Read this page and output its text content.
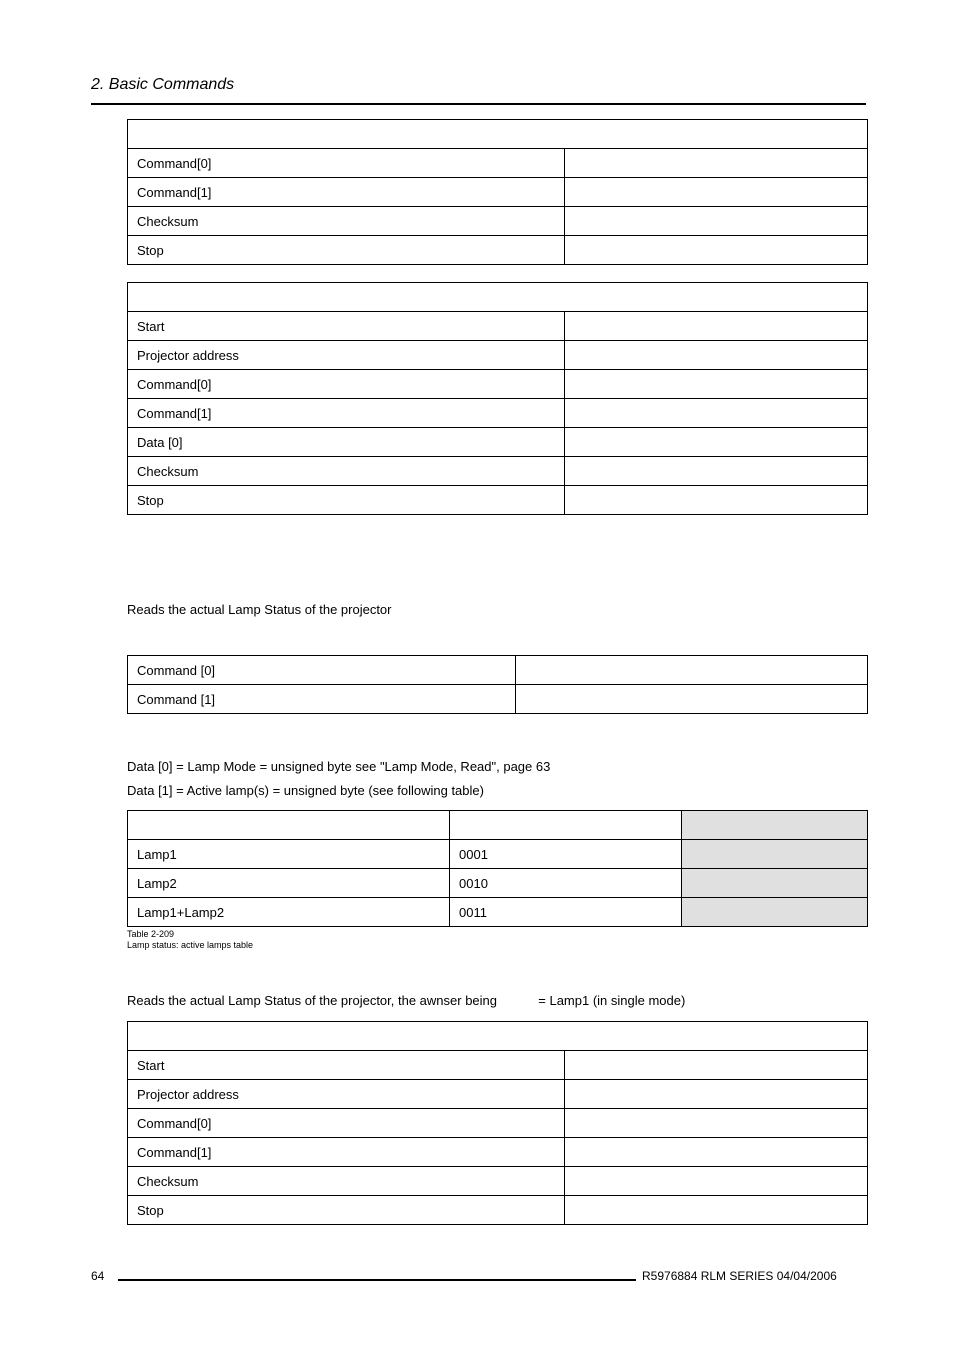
2. Basic Commands

Command[0]	
Command[1]	
Checksum	
Stop	

Start	
Projector address	
Command[0]	
Command[1]	
Data [0]	
Checksum	
Stop	
Reads the actual Lamp Status of the projector
Command [0]	
Command [1]	
Data [0] = Lamp Mode = unsigned byte see "Lamp Mode, Read", page 63
Data [1] = Active lamp(s) = unsigned byte (see following table)

Lamp1	0001	
Lamp2	0010	
Lamp1+Lamp2	0011	
Table 2-209
Lamp status: active lamps table
Reads the actual Lamp Status of the projector, the awnser being	= Lamp1 (in single mode)

Start	
Projector address	
Command[0]	
Command[1]	
Checksum	
Stop	
64	R5976884 RLM SERIES 04/04/2006
